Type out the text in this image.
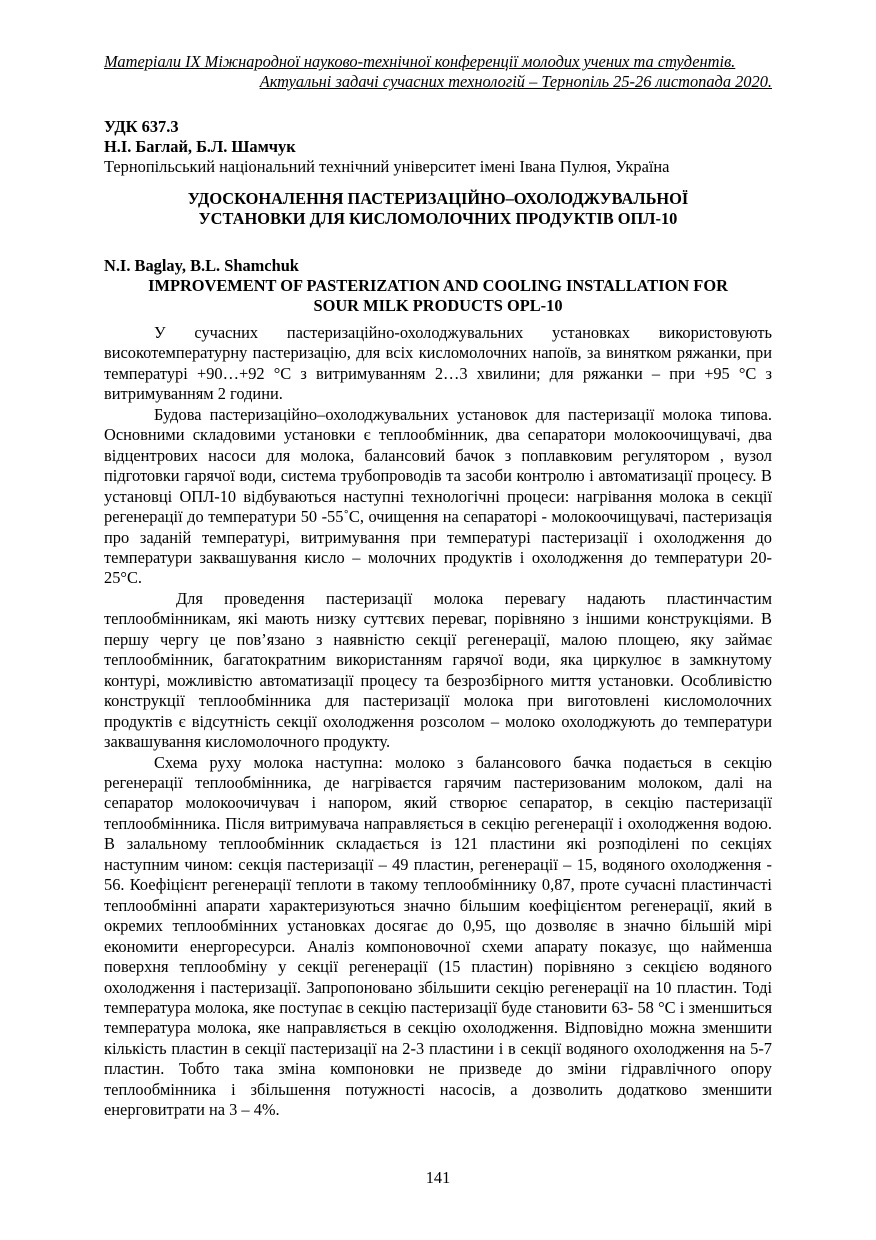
Матеріали ІХ Міжнародної науково-технічної конференції молодих учених та студентів.
Актуальні задачі сучасних технологій – Тернопіль 25-26 листопада 2020.
УДК 637.3
Н.І. Баглай, Б.Л. Шамчук
Тернопільський національний технічний університет імені Івана Пулюя, Україна
УДОСКОНАЛЕННЯ ПАСТЕРИЗАЦІЙНО–ОХОЛОДЖУВАЛЬНОЇ
УСТАНОВКИ ДЛЯ КИСЛОМОЛОЧНИХ ПРОДУКТІВ ОПЛ-10
N.I. Baglay, B.L. Shamchuk
IMPROVEMENT OF PASTERIZATION AND COOLING INSTALLATION FOR
SOUR MILK PRODUCTS OPL-10

У сучасних пастеризаційно-охолоджувальних установках використовують високотемпературну пастеризацію, для всіх кисломолочних напоїв, за винятком ряжанки, при температурі +90…+92 °С з витримуванням 2…3 хвилини; для ряжанки – при +95 °С з витримуванням 2 години.

Будова пастеризаційно–охолоджувальних установок для пастеризації молока типова. Основними складовими установки є теплообмінник, два сепаратори молокоочищувачі, два відцентрових насоси для молока, балансовий бачок з поплавковим регулятором , вузол підготовки гарячої води, система трубопроводів та засоби контролю і автоматизації процесу. В установці ОПЛ-10 відбуваються наступні технологічні процеси: нагрівання молока в секції регенерації до температури 50 -55˚С, очищення на сепараторі - молокоочищувачі, пастеризація про заданій температурі, витримування при температурі пастеризації і охолодження до температури заквашування кисло – молочних продуктів і охолодження до температури 20-25°С.

Для проведення пастеризації молока перевагу надають пластинчастим теплообмінникам, які мають низку суттєвих переваг, порівняно з іншими конструкціями. В першу чергу це пов’язано з наявністю секції регенерації, малою площею, яку займає теплообмінник, багатократним використанням гарячої води, яка циркулює в замкнутому контурі, можливістю автоматизації процесу та безрозбірного миття установки. Особливістю конструкції теплообмінника для пастеризації молока при виготовлені кисломолочних продуктів є відсутність секції охолодження розсолом – молоко охолоджують до температури заквашування кисломолочного продукту.

Схема руху молока наступна: молоко з балансового бачка подається в секцію регенерації теплообмінника, де нагріваєтся гарячим пастеризованим молоком, далі на сепаратор молокоочичувач і напором, який створює сепаратор, в секцію пастеризації теплообмінника. Після витримувача направляється в секцію регенерації і охолодження водою. В залальному теплообмінник складається із 121 пластини які розподілені по секціях наступним чином: секція пастеризації – 49 пластин, регенерації – 15, водяного охолодження - 56. Коефіцієнт регенерації теплоти в такому теплообміннику 0,87, проте сучасні пластинчасті теплообмінні апарати характеризуються значно більшим коефіцієнтом регенерації, який в окремих теплообмінних установках досягає до 0,95, що дозволяє в значно більшій мірі економити енергоресурси. Аналіз компоновочної схеми апарату показує, що найменша поверхня теплообміну у секції регенерації (15 пластин) порівняно з секцією водяного охолодження і пастеризації. Запропоновано збільшити секцію регенерації на 10 пластин. Тоді температура молока, яке поступає в секцію пастеризації буде становити 63- 58 °С і зменшиться температура молока, яке направляється в секцію охолодження. Відповідно можна зменшити кількість пластин в секції пастеризації на 2-3 пластини і в секції водяного охолодження на 5-7 пластин. Тобто така зміна компоновки не призведе до зміни гідравлічного опору теплообмінника і збільшення потужності насосів, а дозволить додатково зменшити енерговитрати на 3 – 4%.

141
